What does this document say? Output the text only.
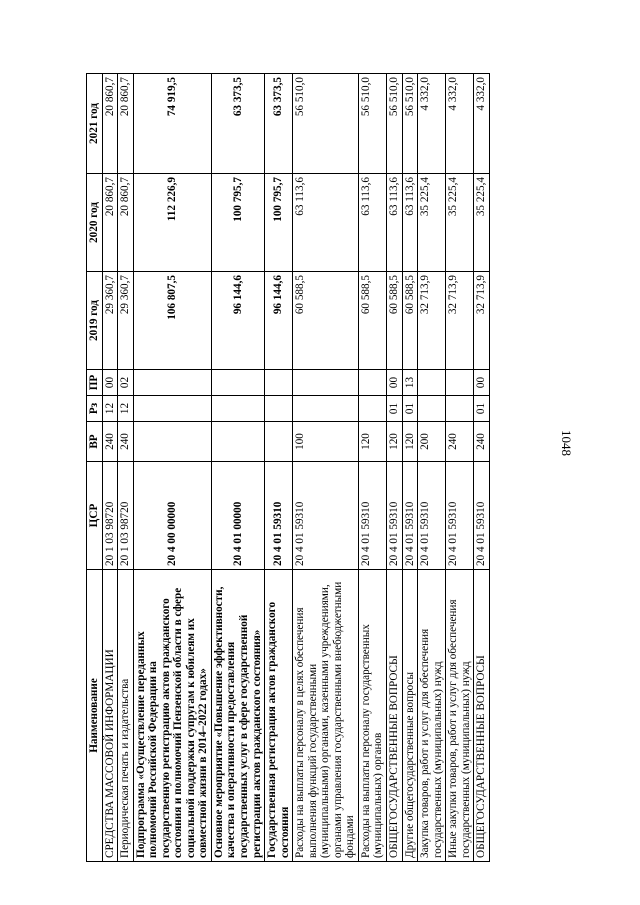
1048
Наименование	ЦСР	ВР	Рз	ПР	2019 год	2020 год	2021 год
СРЕДСТВА МАССОВОЙ ИНФОРМАЦИИ	20 1 03 98720	240	12	00	29 360,7	20 860,7	20 860,7
Периодическая печать и издательства	20 1 03 98720	240	12	02	29 360,7	20 860,7	20 860,7
Подпрограмма «Осуществление переданных полномочий Российской Федерации на государственную регистрацию актов гражданского состояния и полномочий Пензенской области в сфере социальной поддержки супругам к юбилеям их совместной жизни в 2014–2022 годах»	20 4 00 00000				106 807,5	112 226,9	74 919,5
Основное мероприятие «Повышение эффективности, качества и оперативности предоставления государственных услуг в сфере государственной регистрации актов гражданского состояния»	20 4 01 00000				96 144,6	100 795,7	63 373,5
Государственная регистрация актов гражданского состояния	20 4 01 59310				96 144,6	100 795,7	63 373,5
Расходы на выплаты персоналу в целях обеспечения выполнения функций государственными (муниципальными) органами, казенными учреждениями, органами управления государственными внебюджетными фондами	20 4 01 59310	100			60 588,5	63 113,6	56 510,0
Расходы на выплаты персоналу государственных (муниципальных) органов	20 4 01 59310	120			60 588,5	63 113,6	56 510,0
ОБЩЕГОСУДАРСТВЕННЫЕ ВОПРОСЫ	20 4 01 59310	120	01	00	60 588,5	63 113,6	56 510,0
Другие общегосударственные вопросы	20 4 01 59310	120	01	13	60 588,5	63 113,6	56 510,0
Закупка товаров, работ и услуг для обеспечения государственных (муниципальных) нужд	20 4 01 59310	200			32 713,9	35 225,4	4 332,0
Иные закупки товаров, работ и услуг для обеспечения государственных (муниципальных) нужд	20 4 01 59310	240			32 713,9	35 225,4	4 332,0
ОБЩЕГОСУДАРСТВЕННЫЕ ВОПРОСЫ	20 4 01 59310	240	01	00	32 713,9	35 225,4	4 332,0
